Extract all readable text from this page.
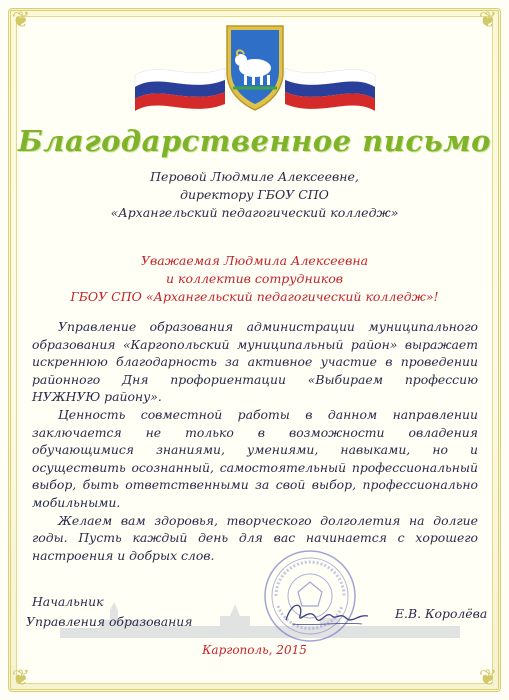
❦	❦
❦	❦
Благодарственное письмо
Перовой Людмиле Алексеевне,
директору ГБОУ СПО
«Архангельский педагогический колледж»
Уважаемая Людмила Алексеевна
и коллектив сотрудников
ГБОУ СПО «Архангельский педагогический колледж»!

Управление образования администрации муниципального образования «Каргопольский муниципальный район» выражает искреннюю благодарность за активное участие в проведении районного Дня профориентации «Выбираем профессию НУЖНУЮ району».

Ценность совместной работы в данном направлении заключается не только в возможности овладения обучающимися знаниями, умениями, навыками, но и осуществить осознанный, самостоятельный профессиональный выбор, быть ответственными за свой выбор, профессионально мобильными.

Желаем вам здоровья, творческого долголетия на долгие годы. Пусть каждый день для вас начинается с хорошего настроения и добрых слов.

Начальник
Управления образования
Е.В. Королёва
Каргополь, 2015
